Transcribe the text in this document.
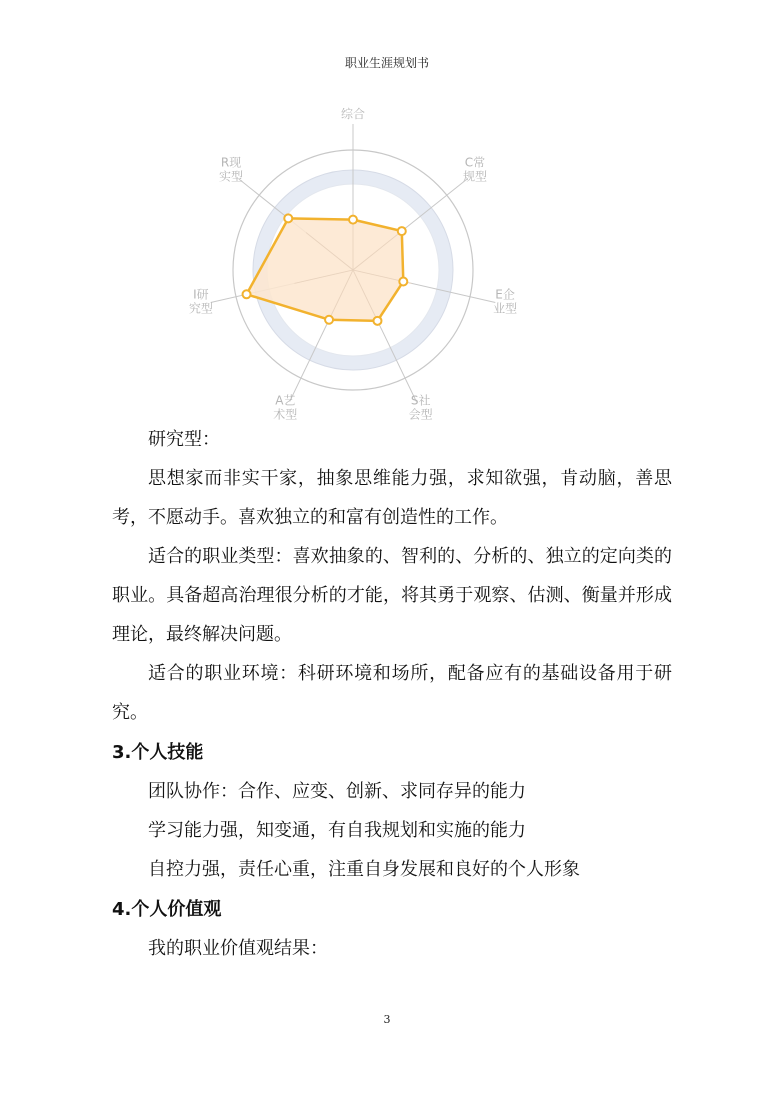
职业生涯规划书
综合
C常规型
E企业型
S社会型
A艺术型
I研究型
R现实型

研究型：

思想家而非实干家，抽象思维能力强，求知欲强，肯动脑，善思考，不愿动手。喜欢独立的和富有创造性的工作。

适合的职业类型：喜欢抽象的、智利的、分析的、独立的定向类的职业。具备超高治理很分析的才能，将其勇于观察、估测、衡量并形成理论，最终解决问题。

适合的职业环境：科研环境和场所，配备应有的基础设备用于研究。

3.个人技能

团队协作：合作、应变、创新、求同存异的能力

学习能力强，知变通，有自我规划和实施的能力

自控力强，责任心重，注重自身发展和良好的个人形象

4.个人价值观

我的职业价值观结果：

3
